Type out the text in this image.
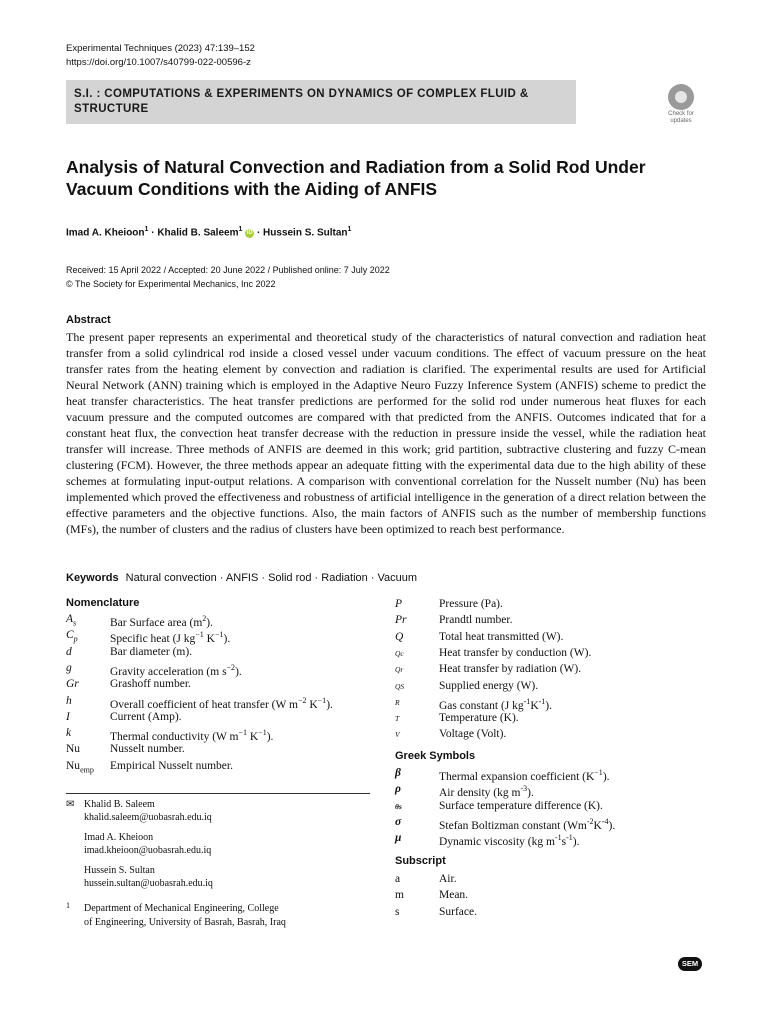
Experimental Techniques (2023) 47:139–152
https://doi.org/10.1007/s40799-022-00596-z
S.I. : COMPUTATIONS & EXPERIMENTS ON DYNAMICS OF COMPLEX FLUID &
STRUCTURE	Check for
updates
Analysis of Natural Convection and Radiation from a Solid Rod Under
Vacuum Conditions with the Aiding of ANFIS
Imad A. Kheioon$^1$ · Khalid B. Saleem$^1$ iD · Hussein S. Sultan$^1$
Received: 15 April 2022 / Accepted: 20 June 2022 / Published online: 7 July 2022
© The Society for Experimental Mechanics, Inc 2022
Abstract
The present paper represents an experimental and theoretical study of the characteristics of natural convection and radiation heat transfer from a solid cylindrical rod inside a closed vessel under vacuum conditions. The effect of vacuum pressure on the heat transfer rates from the heating element by convection and radiation is clarified. The experimental results are used for Artificial Neural Network (ANN) training which is employed in the Adaptive Neuro Fuzzy Inference System (ANFIS) scheme to predict the heat transfer characteristics. The heat transfer predictions are performed for the solid rod under numerous heat fluxes for each vacuum pressure and the computed outcomes are compared with that predicted from the ANFIS. Outcomes indicated that for a constant heat flux, the convection heat transfer decrease with the reduction in pressure inside the vessel, while the radiation heat transfer will increase. Three methods of ANFIS are deemed in this work; grid partition, subtractive clustering and fuzzy C-mean clustering (FCM). However, the three methods appear an adequate fitting with the experimental data due to the high ability of these schemes at formulating input-output relations. A comparison with conventional correlation for the Nusselt number (Nu) has been implemented which proved the effectiveness and robustness of artificial intelligence in the generation of a direct relation between the effective parameters and the objective functions. Also, the main factors of ANFIS such as the number of membership functions (MFs), the number of clusters and the radius of clusters have been optimized to reach best performance.
Keywords Natural convection · ANFIS · Solid rod · Radiation · Vacuum
Nomenclature
Greek Symbols
Subscript
✉ Khalid B. Saleem
khalid.saleem@uobasrah.edu.iq
Imad A. Kheioon
imad.kheioon@uobasrah.edu.iq
Hussein S. Sultan
hussein.sultan@uobasrah.edu.iq
1 Department of Mechanical Engineering, College
of Engineering, University of Basrah, Basrah, Iraq
SEM
$A_s$	Bar Surface area $(m^2)$.
$C_p$	Specific heat (J $kg^{-1}$ $K^{-1}$).
d	Bar diameter (m).
g	Gravity acceleration (m $s^{-2}$).
Gr	Grashoff number.
h	Overall coefficient of heat transfer (W $m^{-2}$ $K^{-1}$).
I	Current (Amp).
k	Thermal conductivity (W $m^{-1}$ $K^{-1}$).
Nu	Nusselt number.
$Nu_{emp}$	Empirical Nusselt number.
P	Pressure (Pa).
Pr	Prandtl number.
Q	Total heat transmitted (W).
Qc	Heat transfer by conduction (W).
Qr	Heat transfer by radiation (W).
QS	Supplied energy (W).
R	Gas constant (J $kg^{-1}K^{-1}$).
T	Temperature (K).
V	Voltage (Volt).
β	Thermal expansion coefficient $(K^{-1})$.
ρ	Air density (kg $m^{-3}$).
θs	Surface temperature difference (K).
σ	Stefan Boltizman constant $(Wm^{-2}K^{-4})$.
μ	Dynamic viscosity (kg $m^{-1}s^{-1}$).
a	Air.
m	Mean.
s	Surface.
